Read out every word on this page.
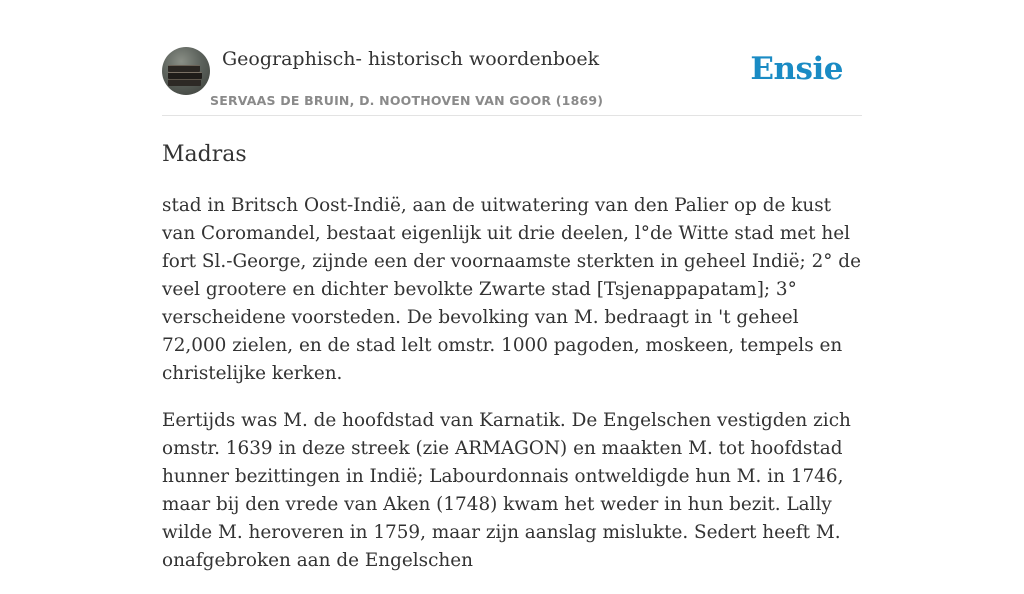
Geographisch- historisch woordenboek
SERVAAS DE BRUIN, D. NOOTHOVEN VAN GOOR (1869)
Ensie
Madras

stad in Britsch Oost-Indië, aan de uitwatering van den Palier op de kust van Coromandel, bestaat eigenlijk uit drie deelen, l°de Witte stad met hel fort Sl.-George, zijnde een der voornaamste sterkten in geheel Indië; 2° de veel grootere en dichter bevolkte Zwarte stad [Tsjenappapatam]; 3° verscheidene voorsteden. De bevolking van M. bedraagt in 't geheel 72,000 zielen, en de stad lelt omstr. 1000 pagoden, moskeen, tempels en christelijke kerken.

Eertijds was M. de hoofdstad van Karnatik. De Engelschen vestigden zich omstr. 1639 in deze streek (zie ARMAGON) en maakten M. tot hoofdstad hunner bezittingen in Indië; Labourdonnais ontweldigde hun M. in 1746, maar bij den vrede van Aken (1748) kwam het weder in hun bezit. Lally wilde M. heroveren in 1759, maar zijn aanslag mislukte. Sedert heeft M. onafgebroken aan de Engelschen
